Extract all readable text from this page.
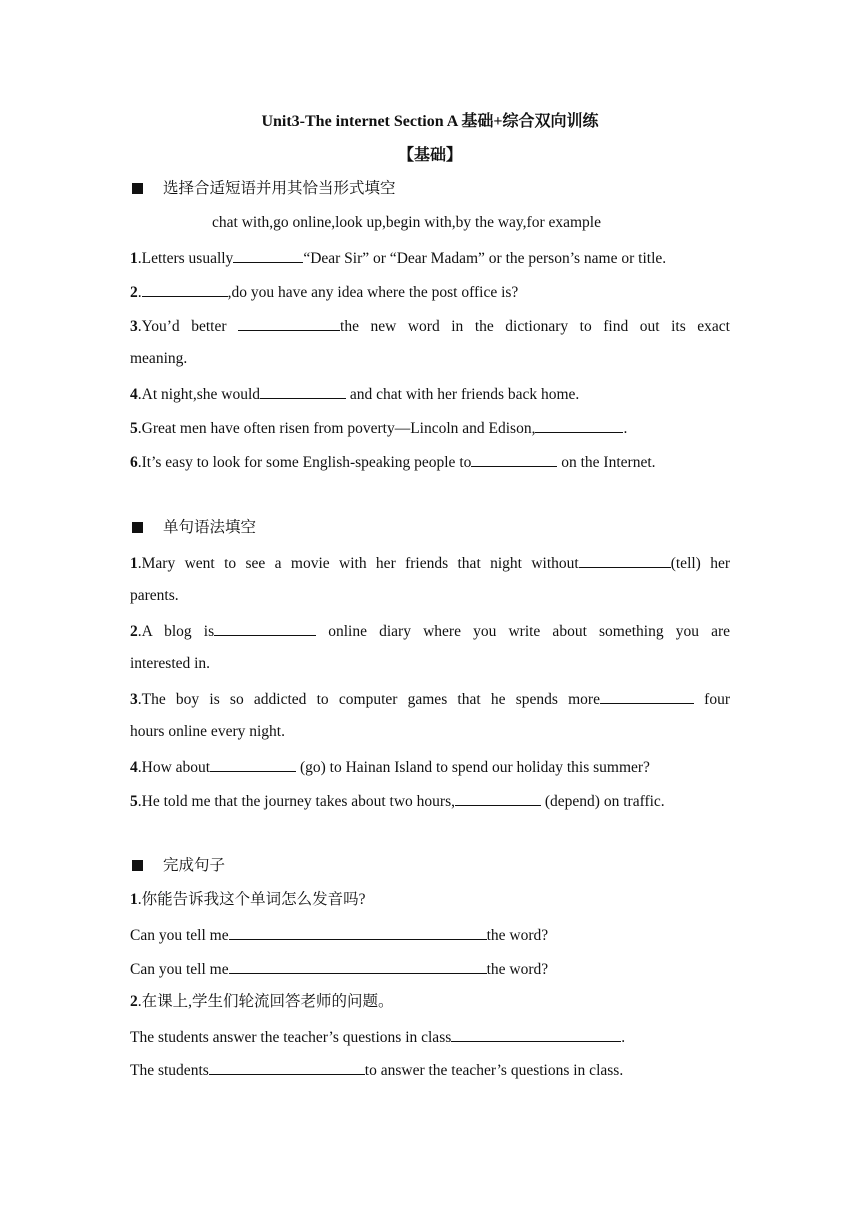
Unit3-The internet Section A 基础+综合双向训练
【基础】
选择合适短语并用其恰当形式填空
chat with,go online,look up,begin with,by the way,for example
1.Letters usually	“Dear Sir” or “Dear Madam” or the person’s name or title.
2.	,do you have any idea where the post office is?
3.You’d better	the new word in the dictionary to find out its exact
meaning.
4.At night,she would	and chat with her friends back home.
5.Great men have often risen from poverty—Lincoln and Edison,	.
6.It’s easy to look for some English-speaking people to	on the Internet.
单句语法填空
1.Mary went to see a movie with her friends that night without	(tell) her
parents.
2.A blog is	online diary where you write about something you are
interested in.
3.The boy is so addicted to computer games that he spends more	four
hours online every night.
4.How about	(go) to Hainan Island to spend our holiday this summer?
5.He told me that the journey takes about two hours,	(depend) on traffic.
完成句子
1.你能告诉我这个单词怎么发音吗?
Can you tell me	the word?
Can you tell me	the word?
2.在课上,学生们轮流回答老师的问题。
The students answer the teacher’s questions in class	.
The students	to answer the teacher’s questions in class.
